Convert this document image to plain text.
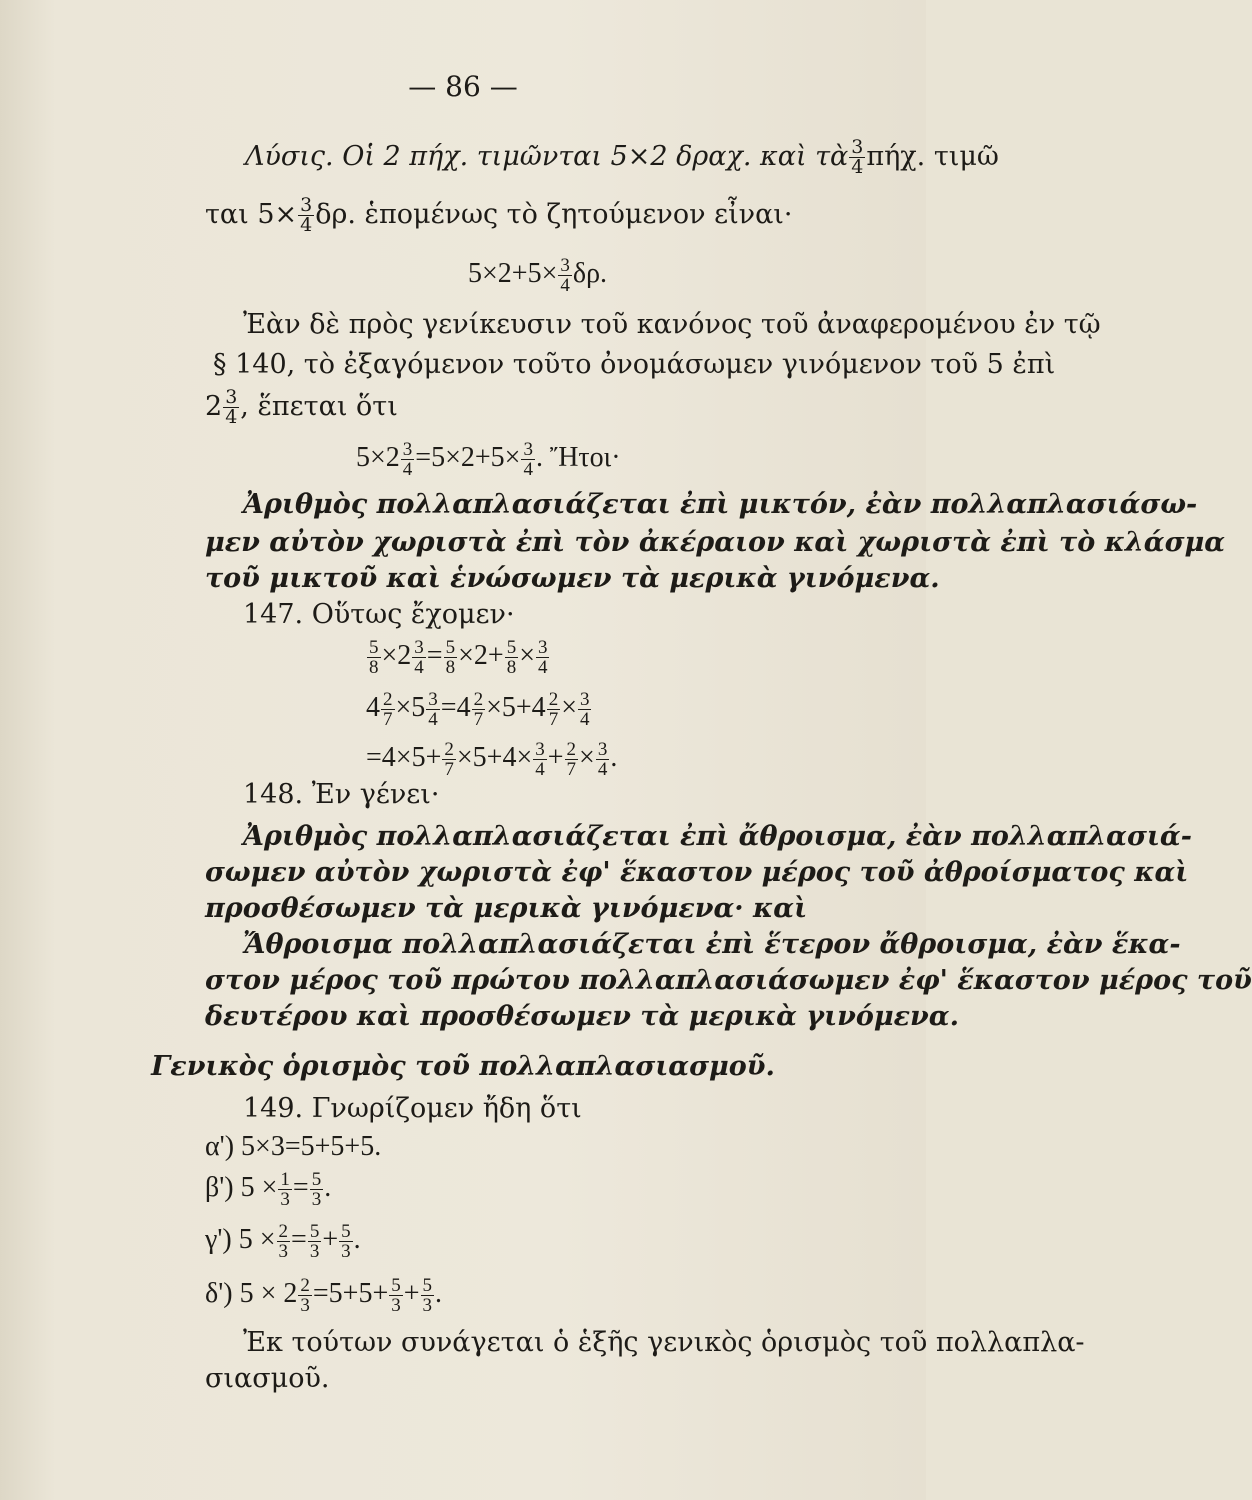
— 86 —
Λύσις. Οἱ 2 πήχ. τιμῶνται 5×2 δραχ. καὶ τὰ $\frac{3}{4} \pi ή\chi$. τιμῶ
ται $5\times \frac{3}{4} \delta\rho$. ἑπομένως τὸ ζητούμενον εἶναι·
$5\times 2+5\times \frac{3}{4} \delta\rho$.
Ἐὰν δὲ πρὸς γενίκευσιν τοῦ κανόνος τοῦ ἀναφερομένου ἐν τῷ
§ 140, τὸ ἐξαγόμενον τοῦτο ὀνομάσωμεν γινόμενον τοῦ 5 ἐπὶ
$2 \frac{3}{4}$ , ἕπεται ὅτι
$5\times 2 \frac{3}{4} =5\times 2+5\times \frac{3}{4}$ . Ἤτοι·
Ἀριθμὸς πολλαπλασιάζεται ἐπὶ μικτόν, ἐὰν πολλαπλασιάσω-
μεν αὐτὸν χωριστὰ ἐπὶ τὸν ἀκέραιον καὶ χωριστὰ ἐπὶ τὸ κλάσμα
τοῦ μικτοῦ καὶ ἑνώσωμεν τὰ μερικὰ γινόμενα.
147. Οὕτως ἔχομεν·
$\frac{5}{8} \times 2 \frac{3}{4} = \frac{5}{8} \times 2+ \frac{5}{8} \times \frac{3}{4}$
$4 \frac{2}{7} \times 5 \frac{3}{4} =4 \frac{2}{7} \times 5+4 \frac{2}{7} \times \frac{3}{4}$
$=4\times 5+ \frac{2}{7} \times 5+4\times \frac{3}{4} + \frac{2}{7} \times \frac{3}{4}$ .
148. Ἐν γένει·
Ἀριθμὸς πολλαπλασιάζεται ἐπὶ ἄθροισμα, ἐὰν πολλαπλασιά-
σωμεν αὐτὸν χωριστὰ ἐφ' ἕκαστον μέρος τοῦ ἀθροίσματος καὶ
προσθέσωμεν τὰ μερικὰ γινόμενα· καὶ
Ἄθροισμα πολλαπλασιάζεται ἐπὶ ἕτερον ἄθροισμα, ἐὰν ἕκα-
στον μέρος τοῦ πρώτου πολλαπλασιάσωμεν ἐφ' ἕκαστον μέρος τοῦ
δευτέρου καὶ προσθέσωμεν τὰ μερικὰ γινόμενα.
Γενικὸς ὁρισμὸς τοῦ πολλαπλασιασμοῦ.
149. Γνωρίζομεν ἤδη ὅτι
α') 5×3=5+5+5.
β') $5 \times \frac{1}{3} = \frac{5}{3}$ .
γ') $5 \times \frac{2}{3} = \frac{5}{3} + \frac{5}{3}$ .
δ') $5 \times 2 \frac{2}{3} =5+5+ \frac{5}{3} + \frac{5}{3}$ .
Ἐκ τούτων συνάγεται ὁ ἑξῆς γενικὸς ὁρισμὸς τοῦ πολλαπλα-
σιασμοῦ.
